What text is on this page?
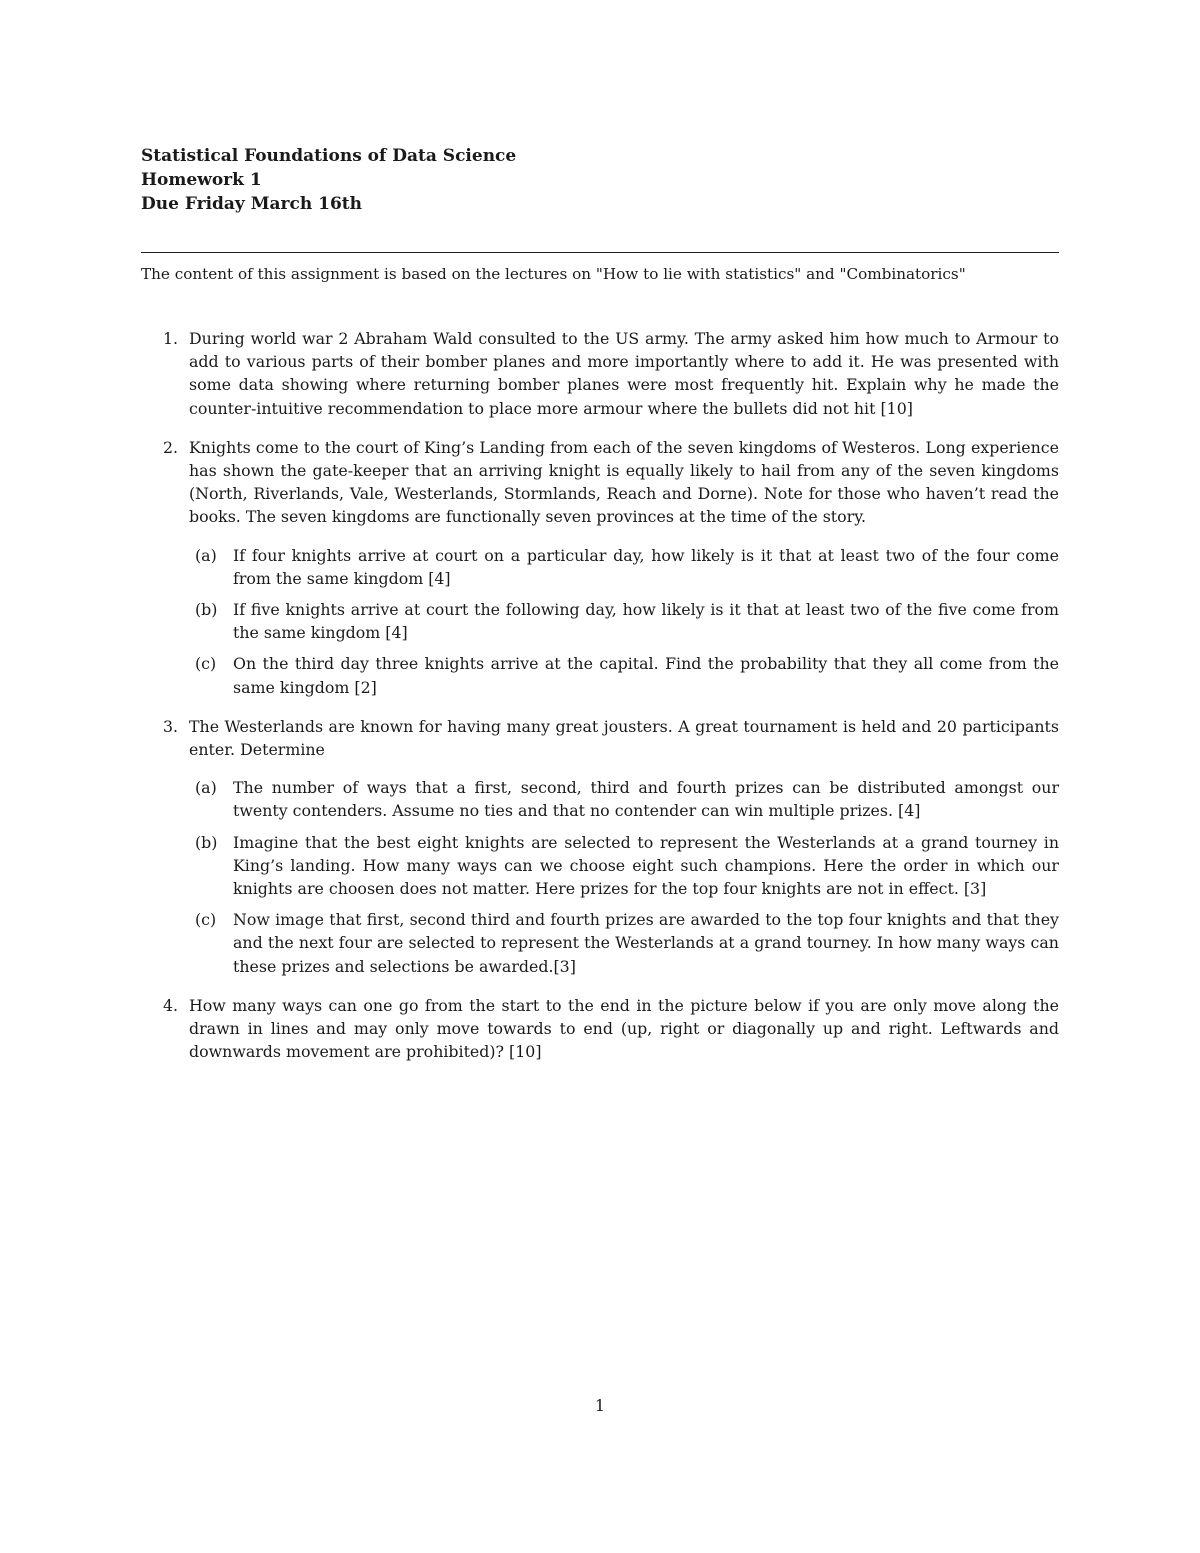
Statistical Foundations of Data Science
Homework 1
Due Friday March 16th
The content of this assignment is based on the lectures on "How to lie with statistics" and "Combinatorics"
1. During world war 2 Abraham Wald consulted to the US army. The army asked him how much to Armour to add to various parts of their bomber planes and more importantly where to add it. He was presented with some data showing where returning bomber planes were most frequently hit. Explain why he made the counter-intuitive recommendation to place more armour where the bullets did not hit [10]
2. Knights come to the court of King’s Landing from each of the seven kingdoms of Westeros. Long experience has shown the gate-keeper that an arriving knight is equally likely to hail from any of the seven kingdoms (North, Riverlands, Vale, Westerlands, Stormlands, Reach and Dorne). Note for those who haven’t read the books. The seven kingdoms are functionally seven provinces at the time of the story.
(a) If four knights arrive at court on a particular day, how likely is it that at least two of the four come from the same kingdom [4]
(b) If five knights arrive at court the following day, how likely is it that at least two of the five come from the same kingdom [4]
(c) On the third day three knights arrive at the capital. Find the probability that they all come from the same kingdom [2]
3. The Westerlands are known for having many great jousters. A great tournament is held and 20 participants enter. Determine
(a) The number of ways that a first, second, third and fourth prizes can be distributed amongst our twenty contenders. Assume no ties and that no contender can win multiple prizes. [4]
(b) Imagine that the best eight knights are selected to represent the Westerlands at a grand tourney in King’s landing. How many ways can we choose eight such champions. Here the order in which our knights are choosen does not matter. Here prizes for the top four knights are not in effect. [3]
(c) Now image that first, second third and fourth prizes are awarded to the top four knights and that they and the next four are selected to represent the Westerlands at a grand tourney. In how many ways can these prizes and selections be awarded.[3]
4. How many ways can one go from the start to the end in the picture below if you are only move along the drawn in lines and may only move towards to end (up, right or diagonally up and right. Leftwards and downwards movement are prohibited)? [10]
1
